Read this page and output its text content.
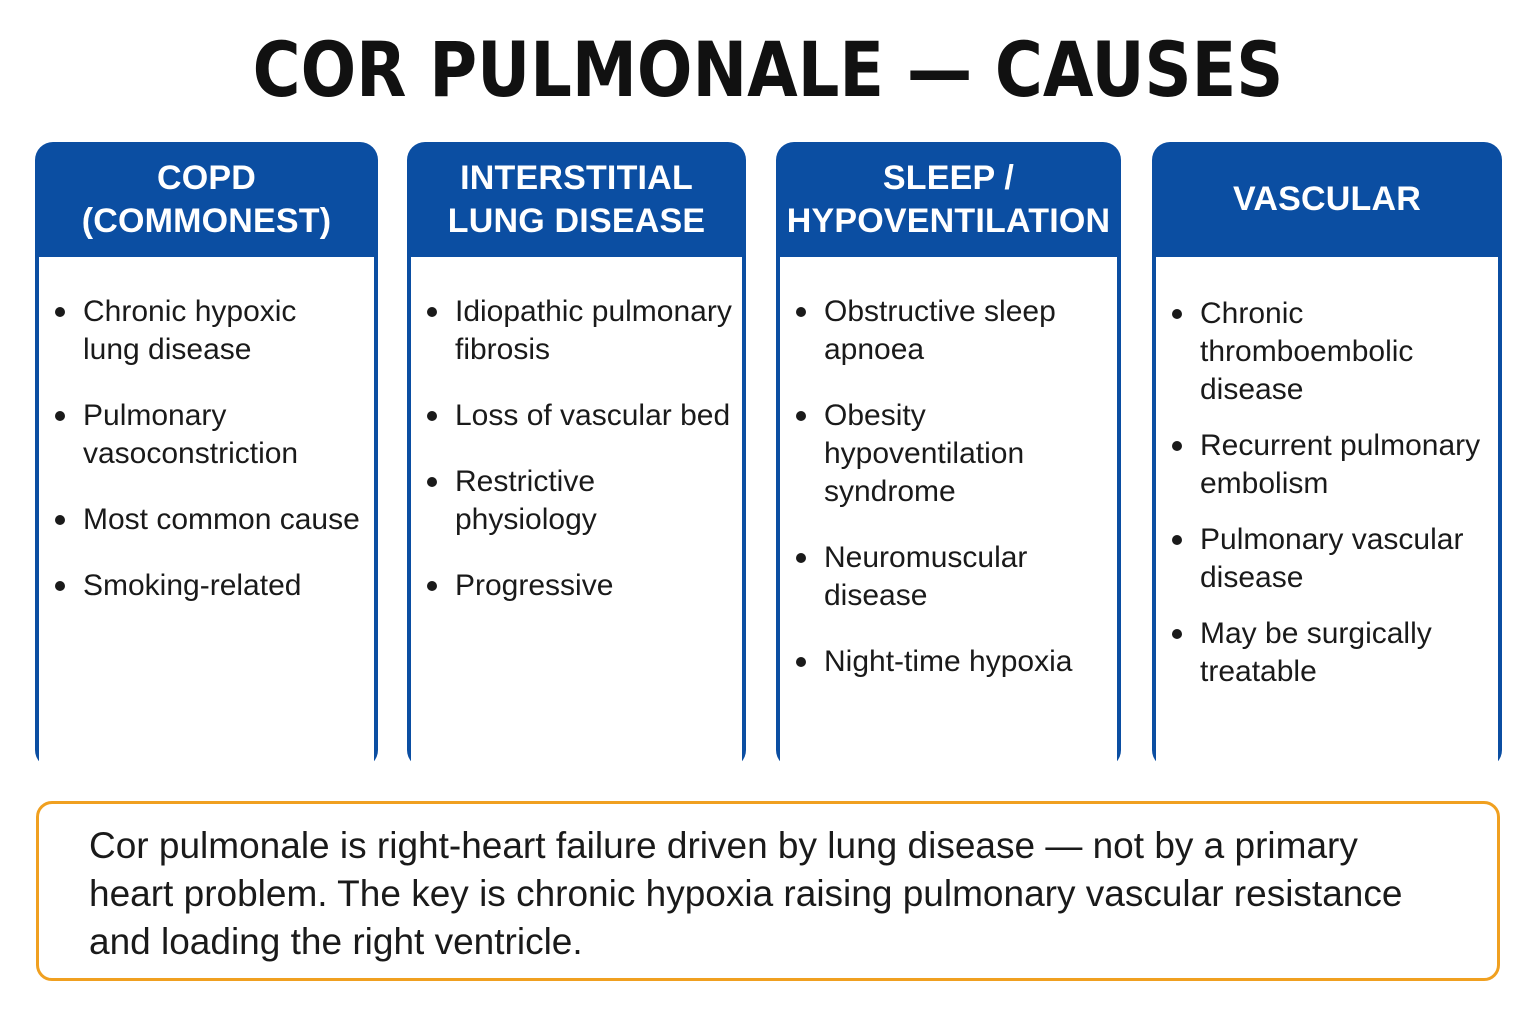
COR PULMONALE — CAUSES
COPD (COMMONEST)
Chronic hypoxic
lung disease
Pulmonary
vasoconstriction
Most common cause
Smoking-related
INTERSTITIAL
LUNG DISEASE
Idiopathic pulmonary
fibrosis
Loss of vascular bed
Restrictive physiology
Progressive
SLEEP /
HYPOVENTILATION
Obstructive sleep
apnoea
Obesity hypoventilation
syndrome
Neuromuscular disease
Night-time hypoxia
VASCULAR
Chronic
thromboembolic
disease
Recurrent pulmonary
embolism
Pulmonary vascular
disease
May be surgically
treatable
Cor pulmonale is right-heart failure driven by lung disease — not by a primary
heart problem. The key is chronic hypoxia raising pulmonary vascular resistance
and loading the right ventricle.
